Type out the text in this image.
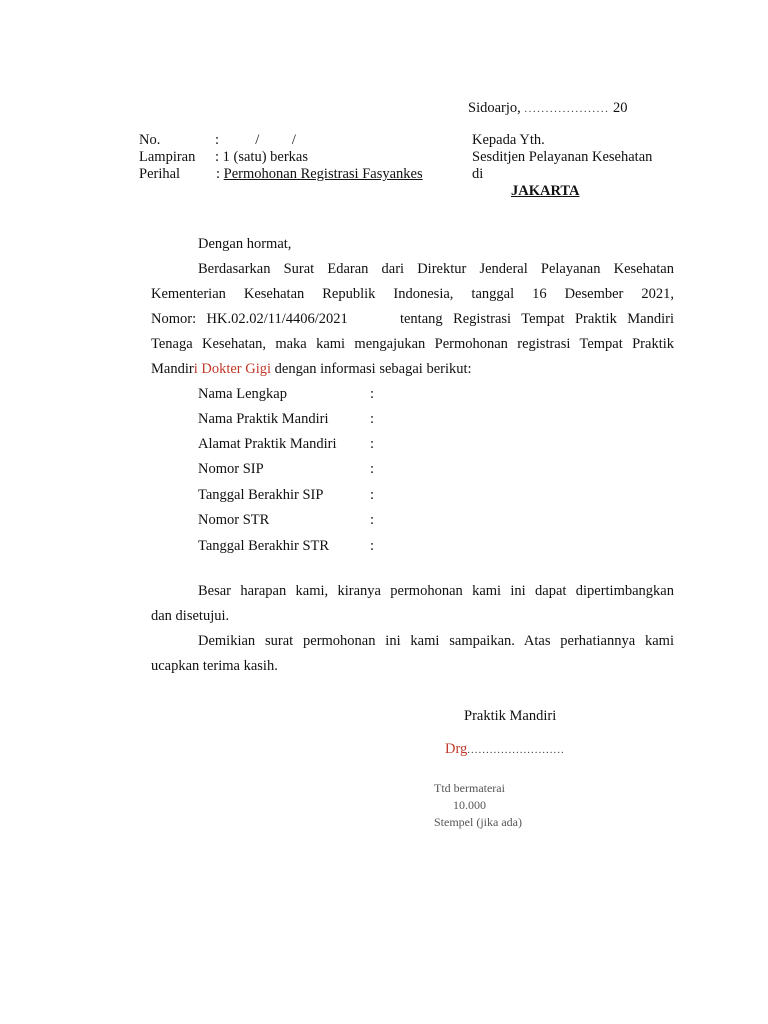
Sidoarjo, .................... 20
No.	:          /         /
Lampiran : 1 (satu) berkas
Perihal : Permohonan Registrasi Fasyankes
Kepada Yth.
Sesditjen Pelayanan Kesehatan
di
JAKARTA
Dengan hormat,
Berdasarkan Surat Edaran dari Direktur Jenderal Pelayanan Kesehatan
Kementerian Kesehatan Republik Indonesia, tanggal 16 Desember 2021,
Nomor: HK.02.02/11/4406/2021     tentang Registrasi Tempat Praktik Mandiri
Tenaga Kesehatan, maka kami mengajukan Permohonan registrasi Tempat Praktik
Mandiri Dokter Gigi dengan informasi sebagai berikut:
Nama Lengkap	:
Nama Praktik Mandiri	:
Alamat Praktik Mandiri :
Nomor SIP	:
Tanggal Berakhir SIP	:
Nomor STR	:
Tanggal Berakhir STR	:
Besar harapan kami, kiranya permohonan kami ini dapat dipertimbangkan
dan disetujui.
Demikian surat permohonan ini kami sampaikan. Atas perhatiannya kami
ucapkan terima kasih.
Praktik Mandiri
Drg..........................
Ttd bermaterai
10.000
Stempel (jika ada)
